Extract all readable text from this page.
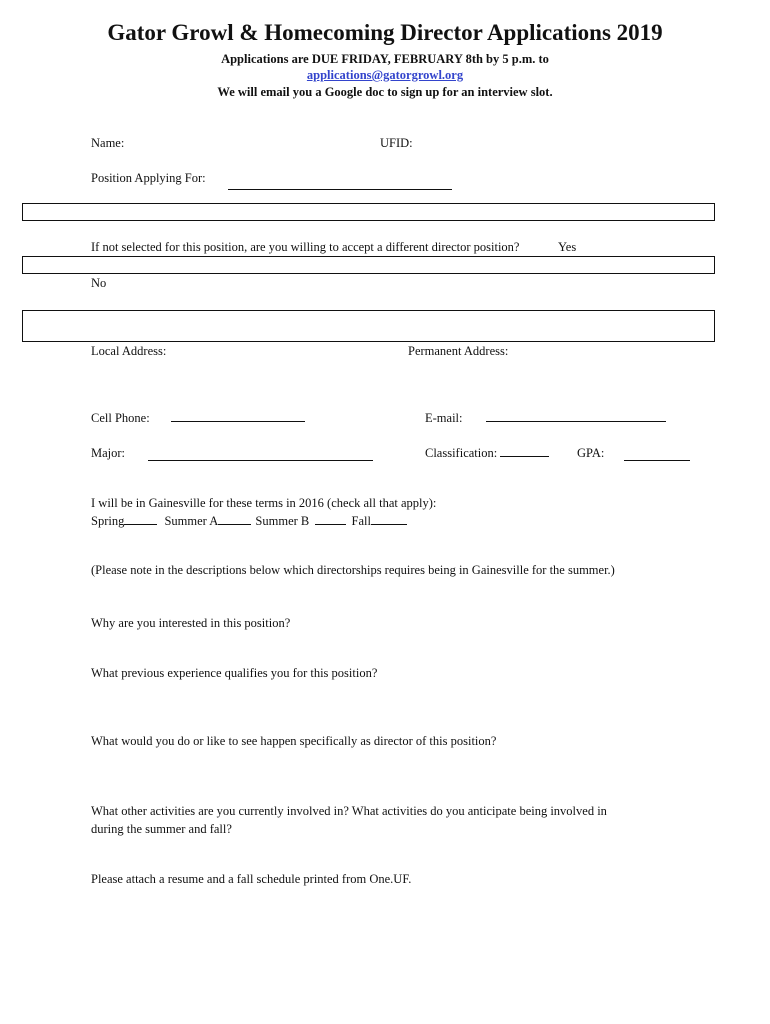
Gator Growl & Homecoming Director Applications 2019
Applications are DUE FRIDAY, FEBRUARY 8th by 5 p.m. to
applications@gatorgrowl.org
We will email you a Google doc to sign up for an interview slot.
Name:	UFID:
Position Applying For:
If not selected for this position, are you willing to accept a different director position?	Yes
No
Local Address:	Permanent Address:
Cell Phone:	E-mail:
Major:	Classification:	GPA:
I will be in Gainesville for these terms in 2016 (check all that apply):
Spring	Summer A	Summer B	Fall
(Please note in the descriptions below which directorships requires being in Gainesville for the summer.)
Why are you interested in this position?
What previous experience qualifies you for this position?
What would you do or like to see happen specifically as director of this position?
What other activities are you currently involved in? What activities do you anticipate being involved in
during the summer and fall?
Please attach a resume and a fall schedule printed from One.UF.
